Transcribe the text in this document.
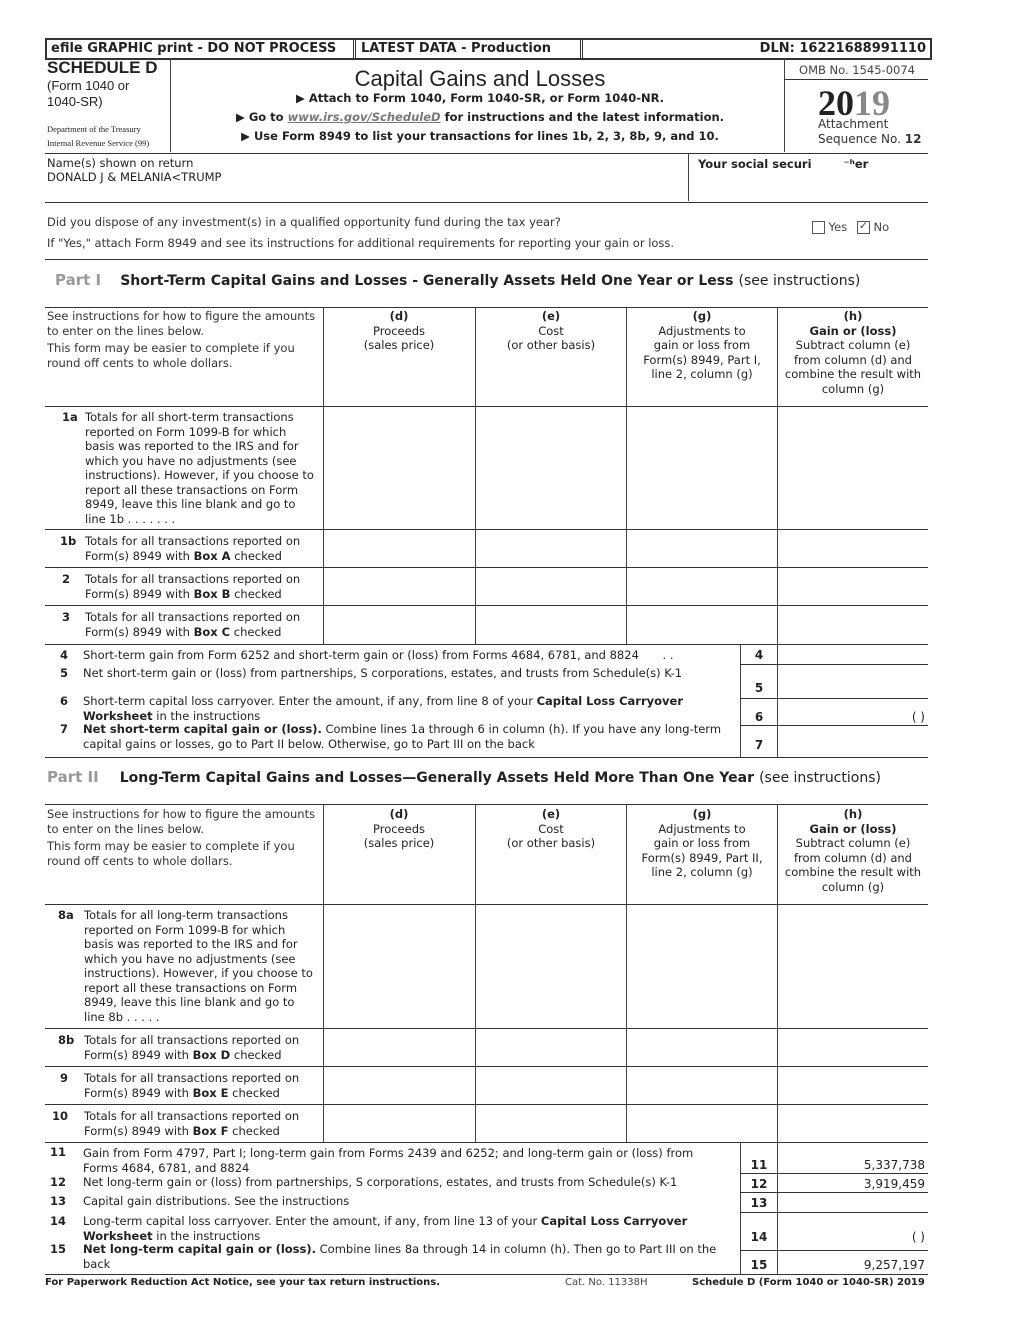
efile GRAPHIC print - DO NOT PROCESS LATEST DATA - Production	DLN: 16221688991110
SCHEDULE D
(Form 1040 or
1040-SR)
Department of the Treasury
Internal Revenue Service (99)
Capital Gains and Losses
▶ Attach to Form 1040, Form 1040-SR, or Form 1040-NR.
▶ Go to www.irs.gov/ScheduleD for instructions and the latest information.
▶ Use Form 8949 to list your transactions for lines 1b, 2, 3, 8b, 9, and 10.
OMB No. 1545-0074
2019
Attachment
Sequence No. 12
Name(s) shown on return
DONALD J & MELANIA<TRUMP
Your social securi	⁻ʰer
Did you dispose of any investment(s) in a qualified opportunity fund during the tax year?
If "Yes," attach Form 8949 and see its instructions for additional requirements for reporting your gain or loss.
Yes ✓ No
Part I Short-Term Capital Gains and Losses - Generally Assets Held One Year or Less (see instructions)
See instructions for how to figure the amounts to enter on the lines below.
This form may be easier to complete if you round off cents to whole dollars.
(d)
Proceeds
(sales price)
(e)
Cost
(or other basis)
(g)
Adjustments to
gain or loss from
Form(s) 8949, Part I,
line 2, column (g)
(h)
Gain or (loss)
Subtract column (e)
from column (d) and
combine the result with
column (g)
1a Totals for all short-term transactions reported on Form 1099-B for which basis was reported to the IRS and for which you have no adjustments (see instructions). However, if you choose to report all these transactions on Form 8949, leave this line blank and go to line 1b . . . . . . .
1b Totals for all transactions reported on Form(s) 8949 with Box A checked
2 Totals for all transactions reported on Form(s) 8949 with Box B checked
3 Totals for all transactions reported on Form(s) 8949 with Box C checked
4 Short-term gain from Form 6252 and short-term gain or (loss) from Forms 4684, 6781, and 8824 . .	4
5 Net short-term gain or (loss) from partnerships, S corporations, estates, and trusts from Schedule(s) K-1
5
6 Short-term capital loss carryover. Enter the amount, if any, from line 8 of your Capital Loss Carryover Worksheet in the instructions	6	( )
7 Net short-term capital gain or (loss). Combine lines 1a through 6 in column (h). If you have any long-term capital gains or losses, go to Part II below. Otherwise, go to Part III on the back	7
Part II Long-Term Capital Gains and Losses—Generally Assets Held More Than One Year (see instructions)
See instructions for how to figure the amounts to enter on the lines below.
This form may be easier to complete if you round off cents to whole dollars.
(d)
Proceeds
(sales price)
(e)
Cost
(or other basis)
(g)
Adjustments to
gain or loss from
Form(s) 8949, Part II,
line 2, column (g)
(h)
Gain or (loss)
Subtract column (e)
from column (d) and
combine the result with
column (g)
8a Totals for all long-term transactions reported on Form 1099-B for which basis was reported to the IRS and for which you have no adjustments (see instructions). However, if you choose to report all these transactions on Form 8949, leave this line blank and go to line 8b . . . . .
8b Totals for all transactions reported on Form(s) 8949 with Box D checked
9 Totals for all transactions reported on Form(s) 8949 with Box E checked
10 Totals for all transactions reported on Form(s) 8949 with Box F checked
11 Gain from Form 4797, Part I; long-term gain from Forms 2439 and 6252; and long-term gain or (loss) from Forms 4684, 6781, and 8824	11	5,337,738
12 Net long-term gain or (loss) from partnerships, S corporations, estates, and trusts from Schedule(s) K-1	12	3,919,459
13 Capital gain distributions. See the instructions	13
14 Long-term capital loss carryover. Enter the amount, if any, from line 13 of your Capital Loss Carryover Worksheet in the instructions	14	( )
15 Net long-term capital gain or (loss). Combine lines 8a through 14 in column (h). Then go to Part III on the back	15	9,257,197
For Paperwork Reduction Act Notice, see your tax return instructions.	Cat. No. 11338H	Schedule D (Form 1040 or 1040-SR) 2019
